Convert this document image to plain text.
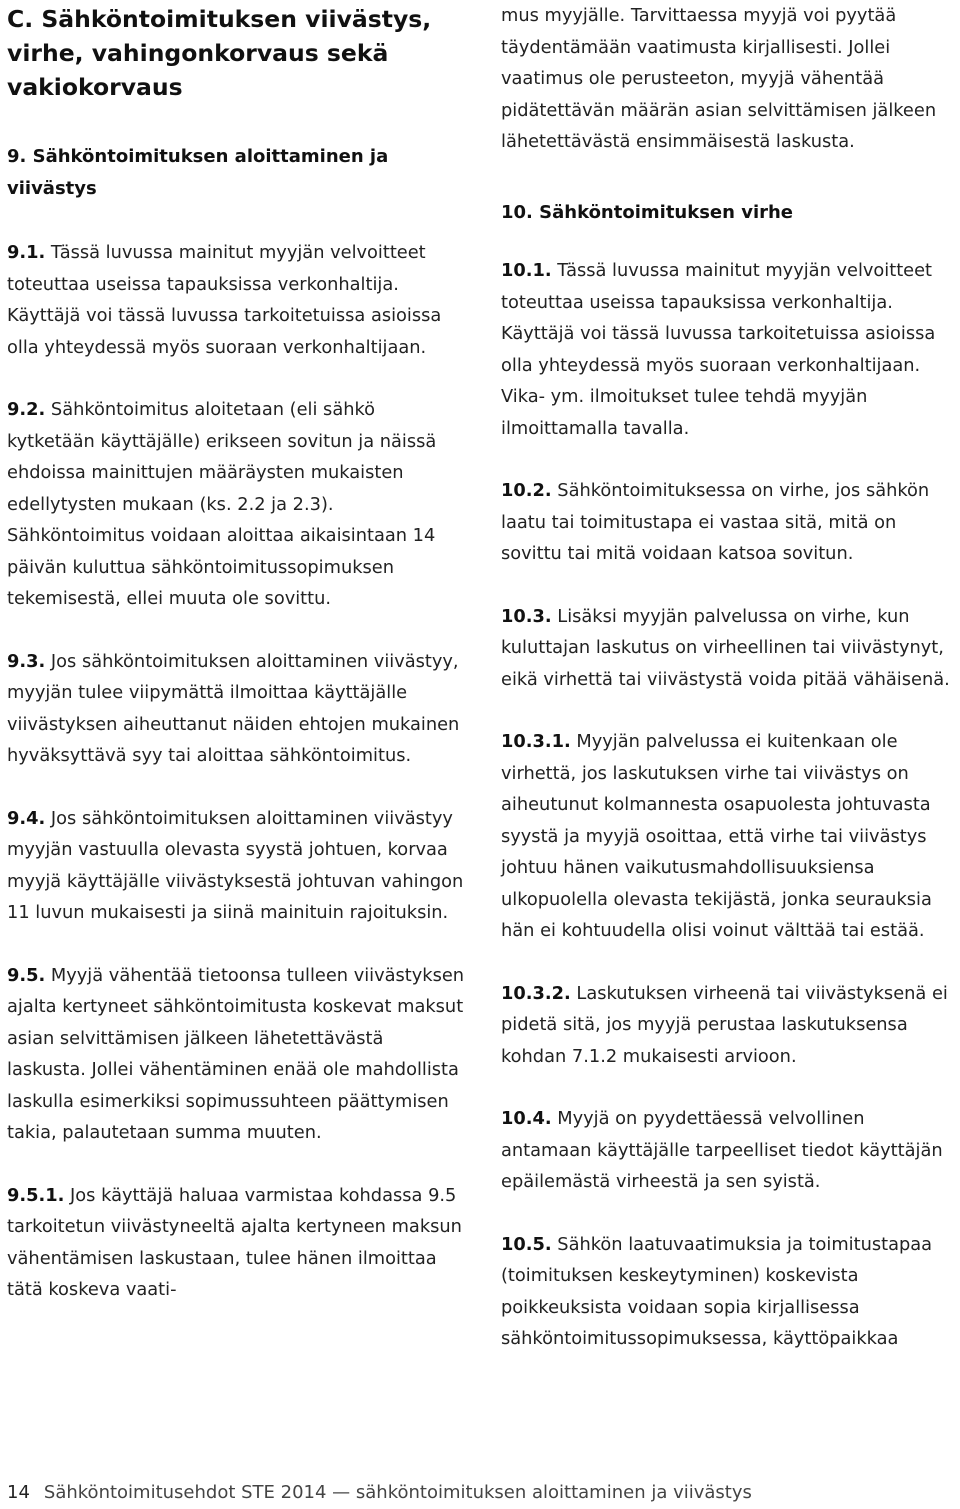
C. Sähköntoimituksen viivästys, virhe, vahingonkorvaus sekä vakiokorvaus
9. Sähköntoimituksen aloittaminen ja viivästys

9.1. Tässä luvussa mainitut myyjän velvoitteet toteuttaa useissa tapauksissa verkonhaltija. Käyttäjä voi tässä luvussa tarkoitetuissa asioissa olla yhteydessä myös suoraan verkonhaltijaan.

9.2. Sähköntoimitus aloitetaan (eli sähkö kytketään käyttäjälle) erikseen sovitun ja näissä ehdoissa mainittujen määräysten mukaisten edellytysten mukaan (ks. 2.2 ja 2.3). Sähköntoimitus voidaan aloittaa aikaisintaan 14 päivän kuluttua sähköntoimitussopimuksen tekemisestä, ellei muuta ole sovittu.

9.3. Jos sähköntoimituksen aloittaminen viivästyy, myyjän tulee viipymättä ilmoittaa käyttäjälle viivästyksen aiheuttanut näiden ehtojen mukainen hyväksyttävä syy tai aloittaa sähköntoimitus.

9.4. Jos sähköntoimituksen aloittaminen viivästyy myyjän vastuulla olevasta syystä johtuen, korvaa myyjä käyttäjälle viivästyksestä johtuvan vahingon 11 luvun mukaisesti ja siinä mainituin rajoituksin.

9.5. Myyjä vähentää tietoonsa tulleen viivästyksen ajalta kertyneet sähköntoimitusta koskevat maksut asian selvittämisen jälkeen lähetettävästä laskusta. Jollei vähentäminen enää ole mahdollista laskulla esimerkiksi sopimussuhteen päättymisen takia, palautetaan summa muuten.

9.5.1. Jos käyttäjä haluaa varmistaa kohdassa 9.5 tarkoitetun viivästyneeltä ajalta kertyneen maksun vähentämisen laskustaan, tulee hänen ilmoittaa tätä koskeva vaati-

mus myyjälle. Tarvittaessa myyjä voi pyytää täydentämään vaatimusta kirjallisesti. Jollei vaatimus ole perusteeton, myyjä vähentää pidätettävän määrän asian selvittämisen jälkeen lähetettävästä ensimmäisestä laskusta.

10. Sähköntoimituksen virhe

10.1. Tässä luvussa mainitut myyjän velvoitteet toteuttaa useissa tapauksissa verkonhaltija. Käyttäjä voi tässä luvussa tarkoitetuissa asioissa olla yhteydessä myös suoraan verkonhaltijaan. Vika- ym. ilmoitukset tulee tehdä myyjän ilmoittamalla tavalla.

10.2. Sähköntoimituksessa on virhe, jos sähkön laatu tai toimitustapa ei vastaa sitä, mitä on sovittu tai mitä voidaan katsoa sovitun.

10.3. Lisäksi myyjän palvelussa on virhe, kun kuluttajan laskutus on virheellinen tai viivästynyt, eikä virhettä tai viivästystä voida pitää vähäisenä.

10.3.1. Myyjän palvelussa ei kuitenkaan ole virhettä, jos laskutuksen virhe tai viivästys on aiheutunut kolmannesta osapuolesta johtuvasta syystä ja myyjä osoittaa, että virhe tai viivästys johtuu hänen vaikutusmahdollisuuksiensa ulkopuolella olevasta tekijästä, jonka seurauksia hän ei kohtuudella olisi voinut välttää tai estää.

10.3.2. Laskutuksen virheenä tai viivästyksenä ei pidetä sitä, jos myyjä perustaa laskutuksensa kohdan 7.1.2 mukaisesti arvioon.

10.4. Myyjä on pyydettäessä velvollinen antamaan käyttäjälle tarpeelliset tiedot käyttäjän epäilemästä virheestä ja sen syistä.

10.5. Sähkön laatuvaatimuksia ja toimitustapaa (toimituksen keskeytyminen) koskevista poikkeuksista voidaan sopia kirjallisessa sähköntoimitussopimuksessa, käyttöpaikkaa

14 Sähköntoimitusehdot STE 2014 — sähköntoimituksen aloittaminen ja viivästys
